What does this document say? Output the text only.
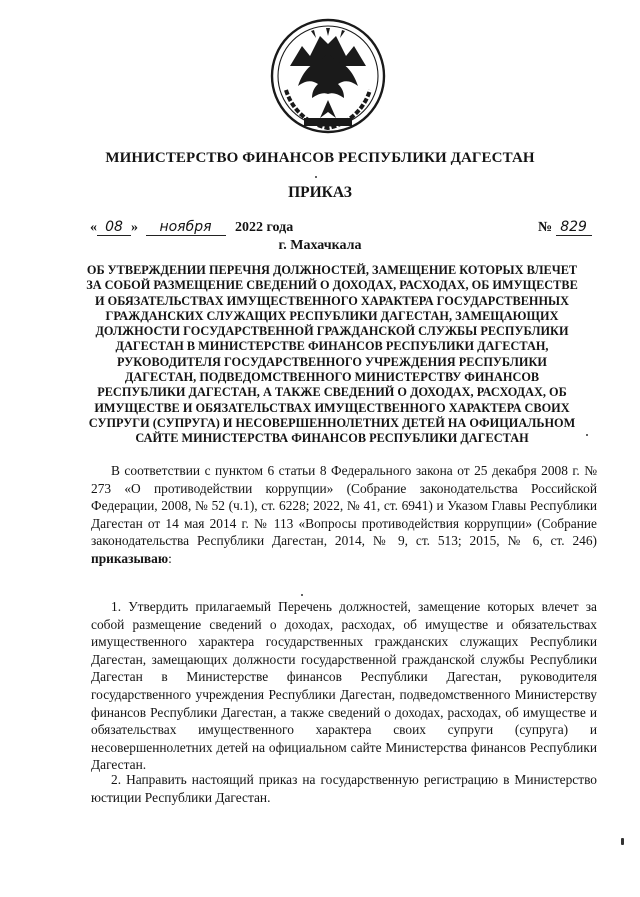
МИНИСТЕРСТВО ФИНАНСОВ РЕСПУБЛИКИ ДАГЕСТАН
ПРИКАЗ
« 08 » ноября 2022 года	№ 829
г. Махачкала
ОБ УТВЕРЖДЕНИИ ПЕРЕЧНЯ ДОЛЖНОСТЕЙ, ЗАМЕЩЕНИЕ КОТОРЫХ ВЛЕЧЕТ ЗА СОБОЙ РАЗМЕЩЕНИЕ СВЕДЕНИЙ О ДОХОДАХ, РАСХОДАХ, ОБ ИМУЩЕСТВЕ И ОБЯЗАТЕЛЬСТВАХ ИМУЩЕСТВЕННОГО ХАРАКТЕРА ГОСУДАРСТВЕННЫХ ГРАЖДАНСКИХ СЛУЖАЩИХ РЕСПУБЛИКИ ДАГЕСТАН, ЗАМЕЩАЮЩИХ ДОЛЖНОСТИ ГОСУДАРСТВЕННОЙ ГРАЖДАНСКОЙ СЛУЖБЫ РЕСПУБЛИКИ ДАГЕСТАН В МИНИСТЕРСТВЕ ФИНАНСОВ РЕСПУБЛИКИ ДАГЕСТАН, РУКОВОДИТЕЛЯ ГОСУДАРСТВЕННОГО УЧРЕЖДЕНИЯ РЕСПУБЛИКИ ДАГЕСТАН, ПОДВЕДОМСТВЕННОГО МИНИСТЕРСТВУ ФИНАНСОВ РЕСПУБЛИКИ ДАГЕСТАН, А ТАКЖЕ СВЕДЕНИЙ О ДОХОДАХ, РАСХОДАХ, ОБ ИМУЩЕСТВЕ И ОБЯЗАТЕЛЬСТВАХ ИМУЩЕСТВЕННОГО ХАРАКТЕРА СВОИХ СУПРУГИ (СУПРУГА) И НЕСОВЕРШЕННОЛЕТНИХ ДЕТЕЙ НА ОФИЦИАЛЬНОМ САЙТЕ МИНИСТЕРСТВА ФИНАНСОВ РЕСПУБЛИКИ ДАГЕСТАН
В соответствии с пунктом 6 статьи 8 Федерального закона от 25 декабря 2008 г. № 273 «О противодействии коррупции» (Собрание законодательства Российской Федерации, 2008, № 52 (ч.1), ст. 6228; 2022, № 41, ст. 6941) и Указом Главы Республики Дагестан от 14 мая 2014 г. № 113 «Вопросы противодействия коррупции» (Собрание законодательства Республики Дагестан, 2014, № 9, ст. 513; 2015, № 6, ст. 246) приказываю:
1. Утвердить прилагаемый Перечень должностей, замещение которых влечет за собой размещение сведений о доходах, расходах, об имуществе и обязательствах имущественного характера государственных гражданских служащих Республики Дагестан, замещающих должности государственной гражданской службы Республики Дагестан в Министерстве финансов Республики Дагестан, руководителя государственного учреждения Республики Дагестан, подведомственного Министерству финансов Республики Дагестан, а также сведений о доходах, расходах, об имуществе и обязательствах имущественного характера своих супруги (супруга) и несовершеннолетних детей на официальном сайте Министерства финансов Республики Дагестан.
2. Направить настоящий приказ на государственную регистрацию в Министерство юстиции Республики Дагестан.
